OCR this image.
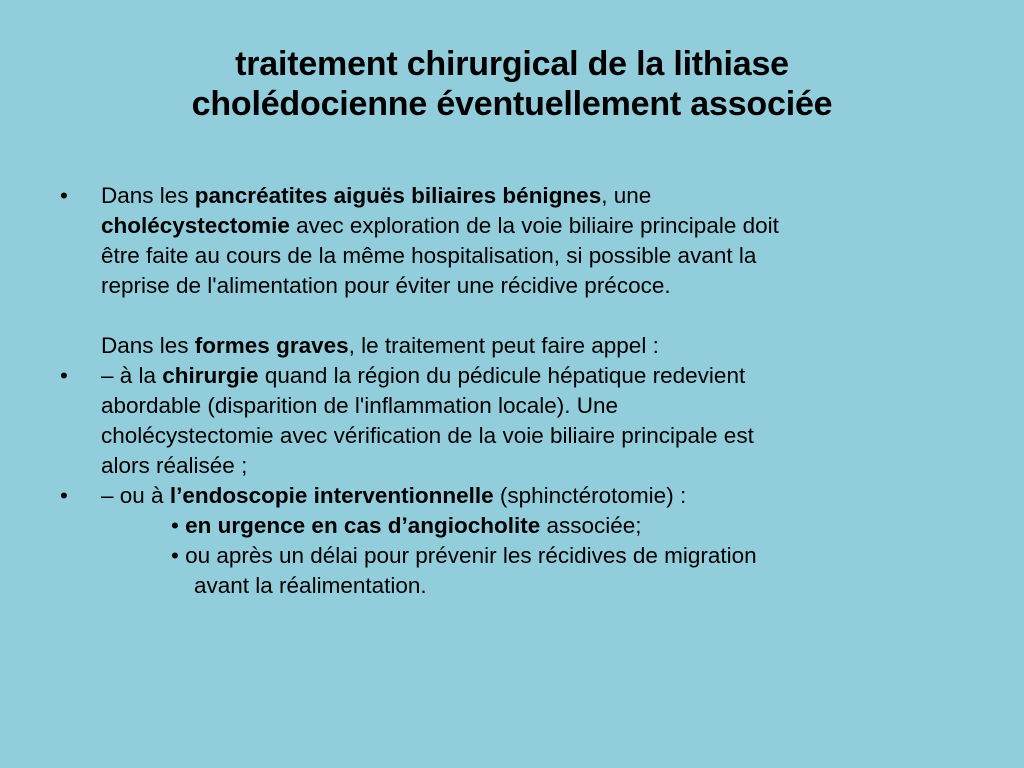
traitement chirurgical de la lithiase
cholédocienne éventuellement associée
•	Dans les pancréatites aiguës biliaires bénignes, une
cholécystectomie avec exploration de la voie biliaire principale doit
être faite au cours de la même hospitalisation, si possible avant la
reprise de l'alimentation pour éviter une récidive précoce.
Dans les formes graves, le traitement peut faire appel :
•	– à la chirurgie quand la région du pédicule hépatique redevient
abordable (disparition de l'inflammation locale). Une
cholécystectomie avec vérification de la voie biliaire principale est
alors réalisée ;
•	– ou à l’endoscopie interventionnelle (sphinctérotomie) :
• en urgence en cas d’angiocholite associée;
• ou après un délai pour prévenir les récidives de migration
avant la réalimentation.
